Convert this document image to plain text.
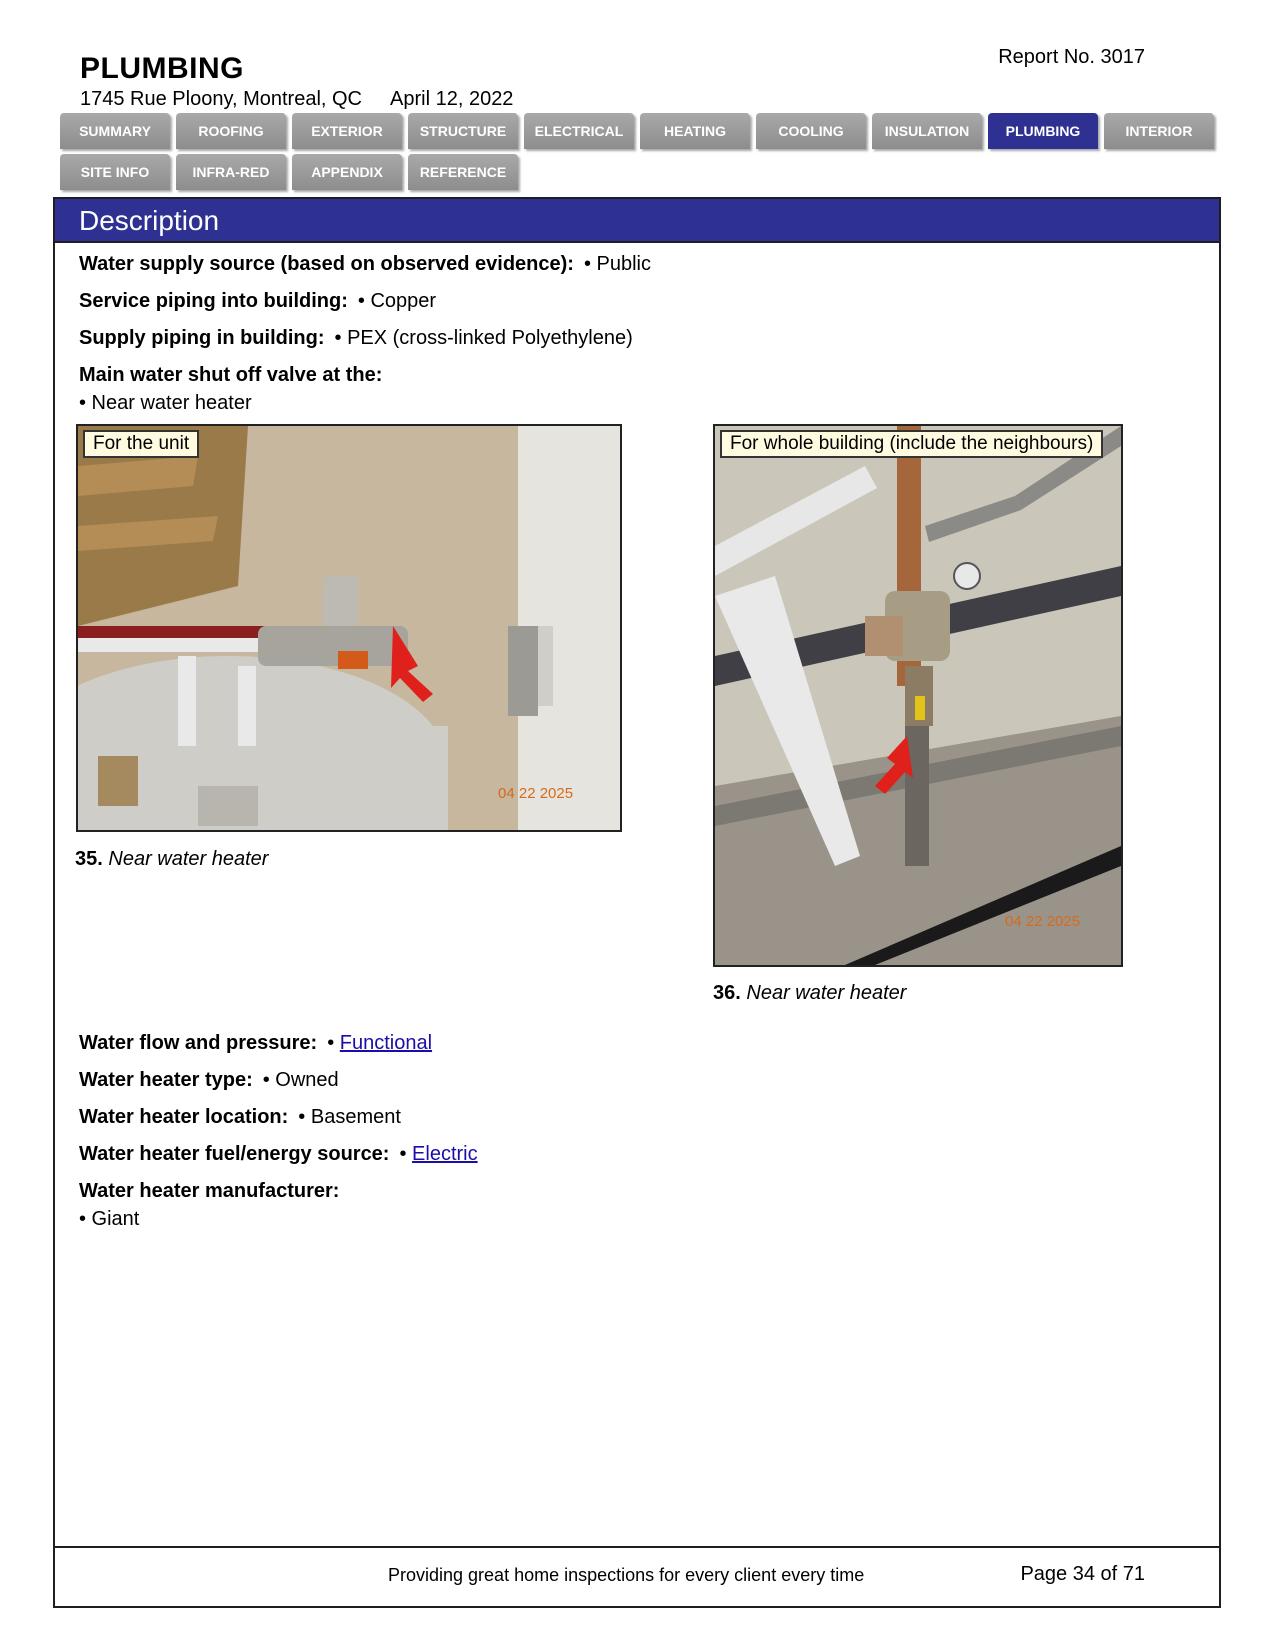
PLUMBING
1745 Rue Ploony, Montreal, QC April 12, 2022
Report No. 3017
SUMMARY	ROOFING	EXTERIOR	STRUCTURE	ELECTRICAL	HEATING	COOLING	INSULATION	PLUMBING	INTERIOR
SITE INFO	INFRA-RED	APPENDIX	REFERENCE
Description
Water supply source (based on observed evidence): • Public
Service piping into building: • Copper
Supply piping in building: • PEX (cross-linked Polyethylene)
Main water shut off valve at the:
• Near water heater
04 22 2025
For the unit
35. Near water heater
04 22 2025
For whole building (include the neighbours)
36. Near water heater
Water flow and pressure: • Functional
Water heater type: • Owned
Water heater location: • Basement
Water heater fuel/energy source: • Electric
Water heater manufacturer:
• Giant
Providing great home inspections for every client every time	Page 34 of 71
